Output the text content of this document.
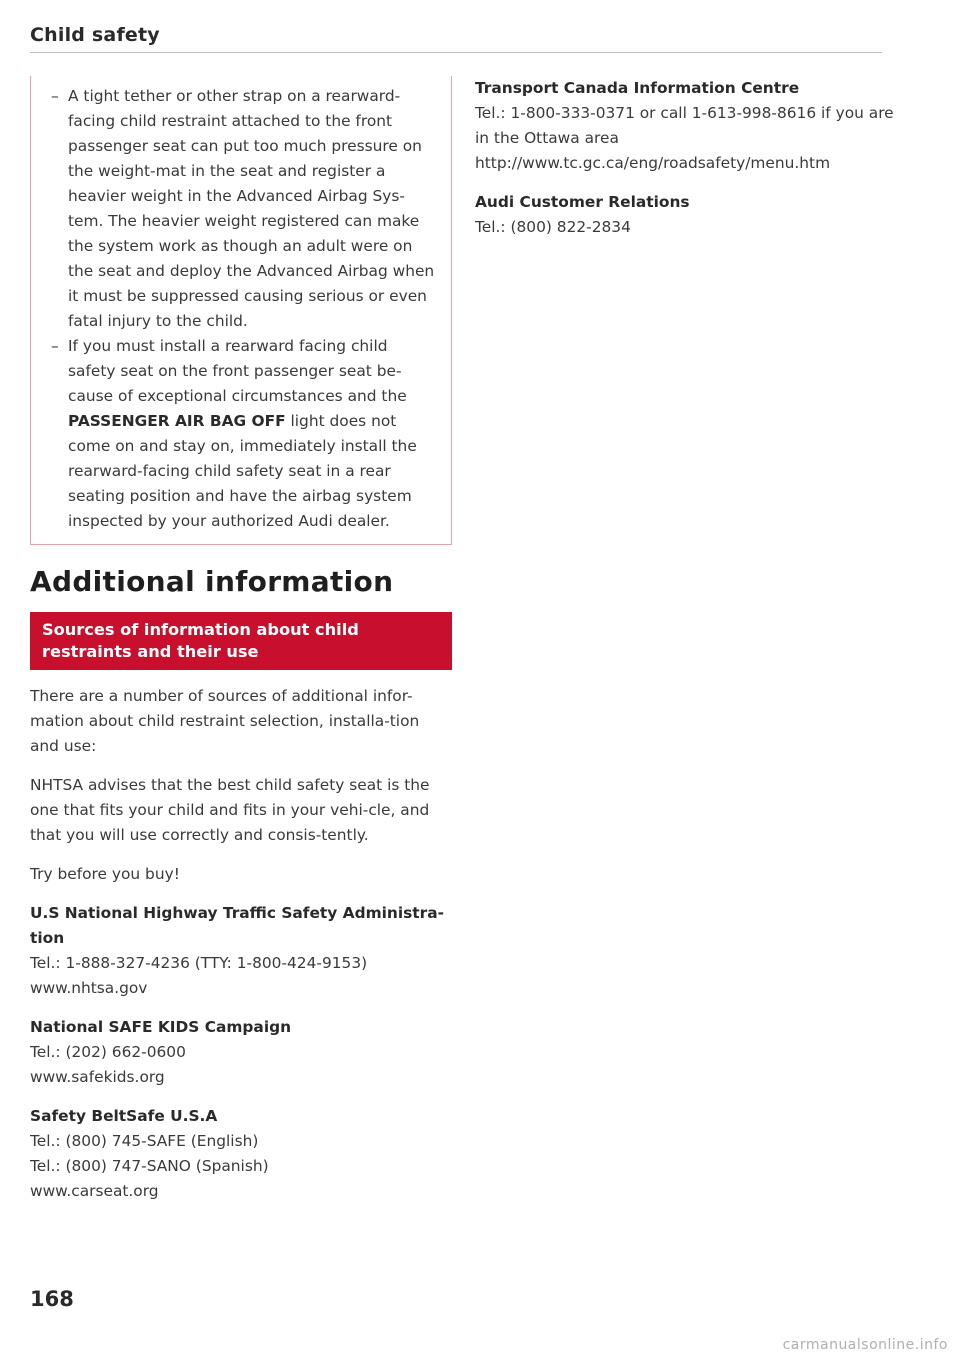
Child safety
– A tight tether or other strap on a rearward-facing child restraint attached to the front passenger seat can put too much pressure on the weight-mat in the seat and register a heavier weight in the Advanced Airbag Sys-tem. The heavier weight registered can make the system work as though an adult were on the seat and deploy the Advanced Airbag when it must be suppressed causing serious or even fatal injury to the child.
– If you must install a rearward facing child safety seat on the front passenger seat be-cause of exceptional circumstances and the PASSENGER AIR BAG OFF light does not come on and stay on, immediately install the rearward-facing child safety seat in a rear seating position and have the airbag system inspected by your authorized Audi dealer.
Additional information
Sources of information about child restraints and their use

There are a number of sources of additional infor-mation about child restraint selection, installa-tion and use:

NHTSA advises that the best child safety seat is the one that fits your child and fits in your vehi-cle, and that you will use correctly and consis-tently.

Try before you buy!

U.S National Highway Traffic Safety Administra-tion
Tel.: 1-888-327-4236 (TTY: 1-800-424-9153)
www.nhtsa.gov
National SAFE KIDS Campaign
Tel.: (202) 662-0600
www.safekids.org
Safety BeltSafe U.S.A
Tel.: (800) 745-SAFE (English)
Tel.: (800) 747-SANO (Spanish)
www.carseat.org
Transport Canada Information Centre
Tel.: 1-800-333-0371 or call 1-613-998-8616 if you are in the Ottawa area
http://www.tc.gc.ca/eng/roadsafety/menu.htm
Audi Customer Relations
Tel.: (800) 822-2834
168
carmanualsonline.info
